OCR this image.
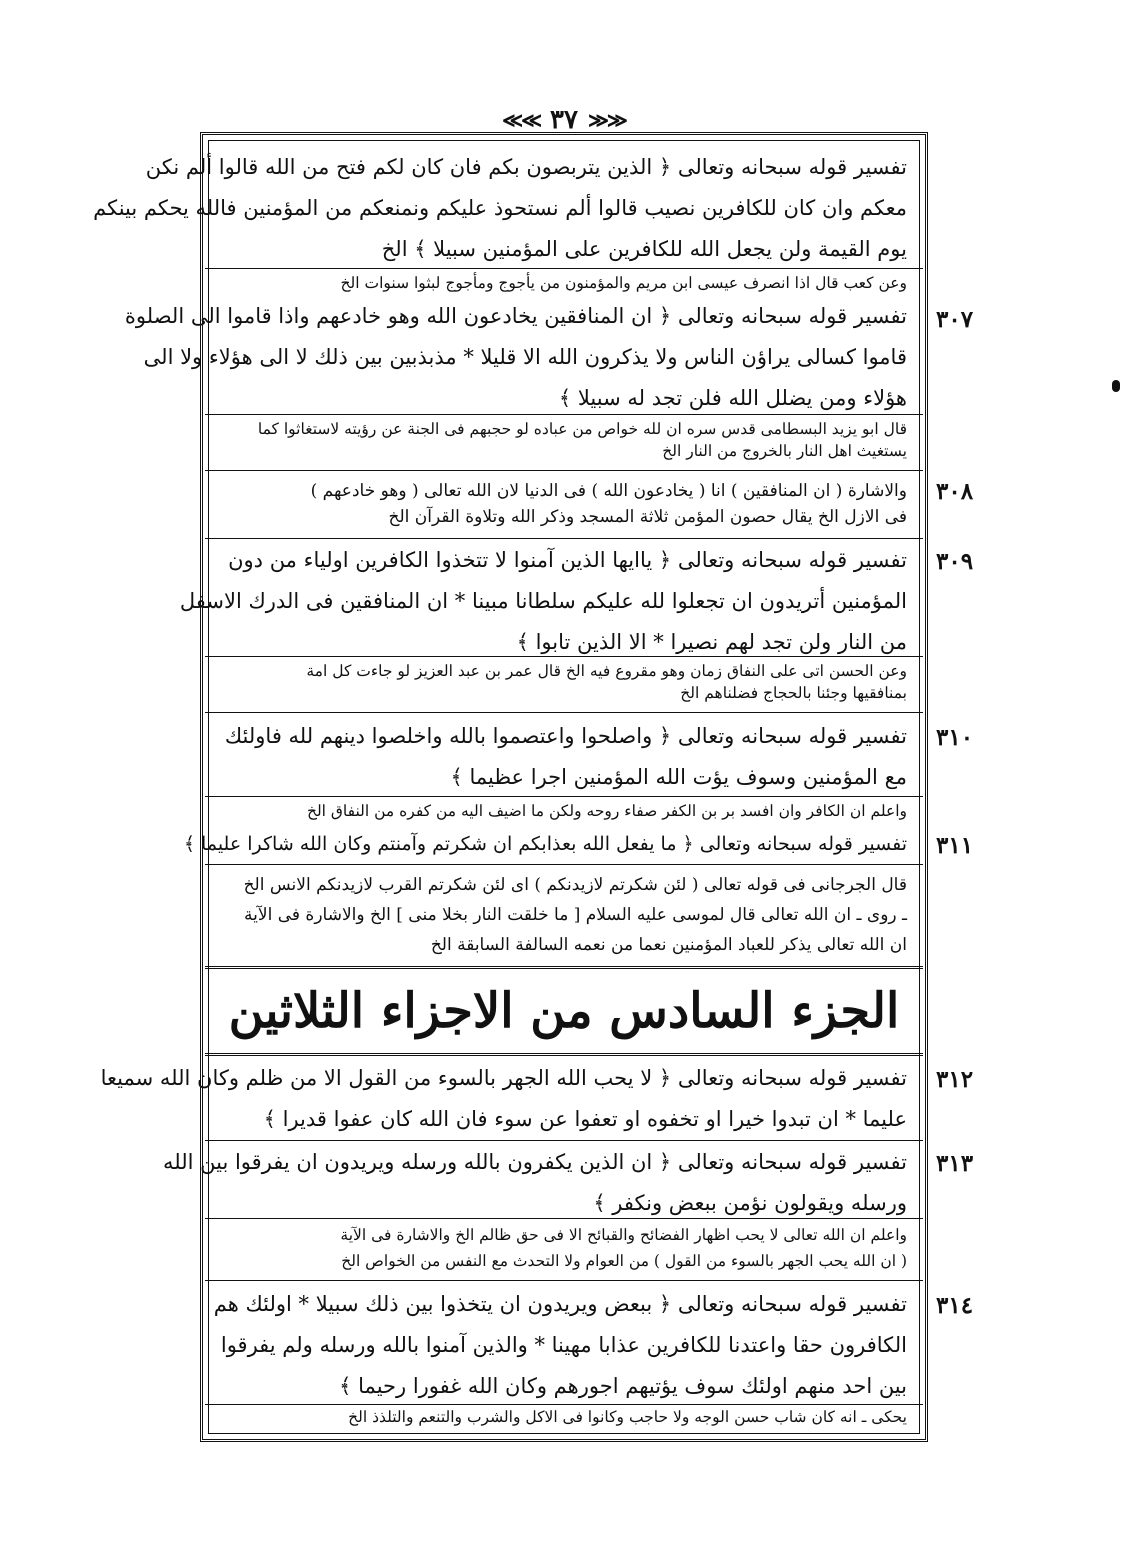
≪≪ ٣٧ ≫≫
تفسير قوله سبحانه وتعالى ﴿ الذين يتربصون بكم فان كان لكم فتح من الله قالوا ألم نكن
معكم وان كان للكافرين نصيب قالوا ألم نستحوذ عليكم ونمنعكم من المؤمنين فالله يحكم بينكم
يوم القيمة ولن يجعل الله للكافرين على المؤمنين سبيلا ﴾ الخ
وعن كعب قال اذا انصرف عيسى ابن مريم والمؤمنون من يأجوج ومأجوج لبثوا سنوات الخ
٣٠٧
تفسير قوله سبحانه وتعالى ﴿ ان المنافقين يخادعون الله وهو خادعهم واذا قاموا الى الصلوة
قاموا كسالى يراؤن الناس ولا يذكرون الله الا قليلا * مذبذبين بين ذلك لا الى هؤلاء ولا الى
هؤلاء ومن يضلل الله فلن تجد له سبيلا ﴾
قال ابو يزيد البسطامى قدس سره ان لله خواص من عباده لو حجبهم فى الجنة عن رؤيته لاستغاثوا كما
يستغيث اهل النار بالخروج من النار الخ
٣٠٨
والاشارة ( ان المنافقين ) انا ( يخادعون الله ) فى الدنيا لان الله تعالى ( وهو خادعهم )
فى الازل الخ يقال حصون المؤمن ثلاثة المسجد وذكر الله وتلاوة القرآن الخ
٣٠٩
تفسير قوله سبحانه وتعالى ﴿ ياايها الذين آمنوا لا تتخذوا الكافرين اولياء من دون
المؤمنين أتريدون ان تجعلوا لله عليكم سلطانا مبينا * ان المنافقين فى الدرك الاسفل
من النار ولن تجد لهم نصيرا * الا الذين تابوا ﴾
وعن الحسن اتى على النفاق زمان وهو مقروع فيه الخ قال عمر بن عبد العزيز لو جاءت كل امة
بمنافقيها وجئنا بالحجاج فضلناهم الخ
٣١٠
تفسير قوله سبحانه وتعالى ﴿ واصلحوا واعتصموا بالله واخلصوا دينهم لله فاولئك
مع المؤمنين وسوف يؤت الله المؤمنين اجرا عظيما ﴾
واعلم ان الكافر وان افسد بر بن الكفر صفاء روحه ولكن ما اضيف اليه من كفره من النفاق الخ
٣١١
تفسير قوله سبحانه وتعالى ﴿ ما يفعل الله بعذابكم ان شكرتم وآمنتم وكان الله شاكرا عليما ﴾
قال الجرجانى فى قوله تعالى ( لئن شكرتم لازيدنكم ) اى لئن شكرتم القرب لازيدنكم الانس الخ
ـ روى ـ ان الله تعالى قال لموسى عليه السلام [ ما خلقت النار بخلا منى ] الخ والاشارة فى الآية
ان الله تعالى يذكر للعباد المؤمنين نعما من نعمه السالفة السابقة الخ
الجزء السادس من الاجزاء الثلاثين
٣١٢
تفسير قوله سبحانه وتعالى ﴿ لا يحب الله الجهر بالسوء من القول الا من ظلم وكان الله سميعا
عليما * ان تبدوا خيرا او تخفوه او تعفوا عن سوء فان الله كان عفوا قديرا ﴾
٣١٣
تفسير قوله سبحانه وتعالى ﴿ ان الذين يكفرون بالله ورسله ويريدون ان يفرقوا بين الله
ورسله ويقولون نؤمن ببعض ونكفر ﴾
واعلم ان الله تعالى لا يحب اظهار الفضائح والقبائح الا فى حق ظالم الخ والاشارة فى الآية
( ان الله يحب الجهر بالسوء من القول ) من العوام ولا التحدث مع النفس من الخواص الخ
٣١٤
تفسير قوله سبحانه وتعالى ﴿ ببعض ويريدون ان يتخذوا بين ذلك سبيلا * اولئك هم
الكافرون حقا واعتدنا للكافرين عذابا مهينا * والذين آمنوا بالله ورسله ولم يفرقوا
بين احد منهم اولئك سوف يؤتيهم اجورهم وكان الله غفورا رحيما ﴾
يحكى ـ انه كان شاب حسن الوجه ولا حاجب وكانوا فى الاكل والشرب والتنعم والتلذذ الخ
